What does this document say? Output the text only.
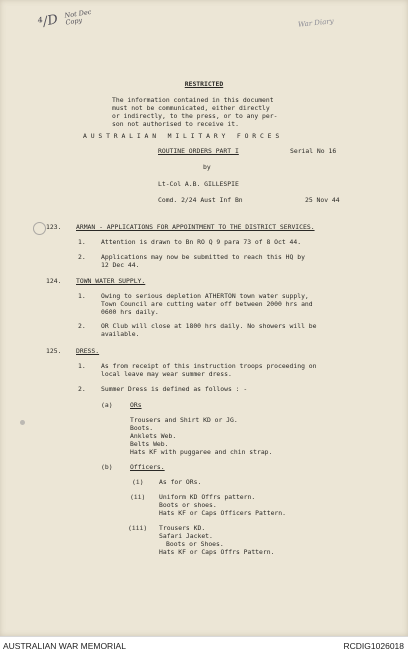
⁴/D Not Dec Copy	War Diary
RESTRICTED
The information contained in this document
must not be communicated, either directly
or indirectly, to the press, or to any per-
son not authorised to receive it.
A U S T R A L I A N   M I L I T A R Y   F O R C E S
ROUTINE ORDERS PART I	Serial No 16
by
Lt-Col A.B. GILLESPIE
Comd. 2/24 Aust Inf Bn	25 Nov 44
123. ARMAN - APPLICATIONS FOR APPOINTMENT TO THE DISTRICT SERVICES.
1. Attention is drawn to Bn RO Q 9 para 73 of 8 Oct 44.
2. Applications may now be submitted to reach this HQ by
12 Dec 44.
124. TOWN WATER SUPPLY.
1. Owing to serious depletion ATHERTON town water supply,
Town Council are cutting water off between 2000 hrs and
0600 hrs daily.
2. OR Club will close at 1800 hrs daily. No showers will be
available.
125. DRESS.
1. As from receipt of this instruction troops proceeding on
local leave may wear summer dress.
2. Summer Dress is defined as follows : -
(a)	ORs
Trousers and Shirt KD or JG.
Boots.
Anklets Web.
Belts Web.
Hats KF with puggaree and chin strap.
(b)	Officers.
(i) As for ORs.
(ii) Uniform KD Offrs pattern.
Boots or shoes.
Hats KF or Caps Officers Pattern.
(iii) Trousers KD.
Safari Jacket.
Boots or Shoes.
Hats KF or Caps Offrs Pattern.
AUSTRALIAN WAR MEMORIAL	RCDIG1026018
